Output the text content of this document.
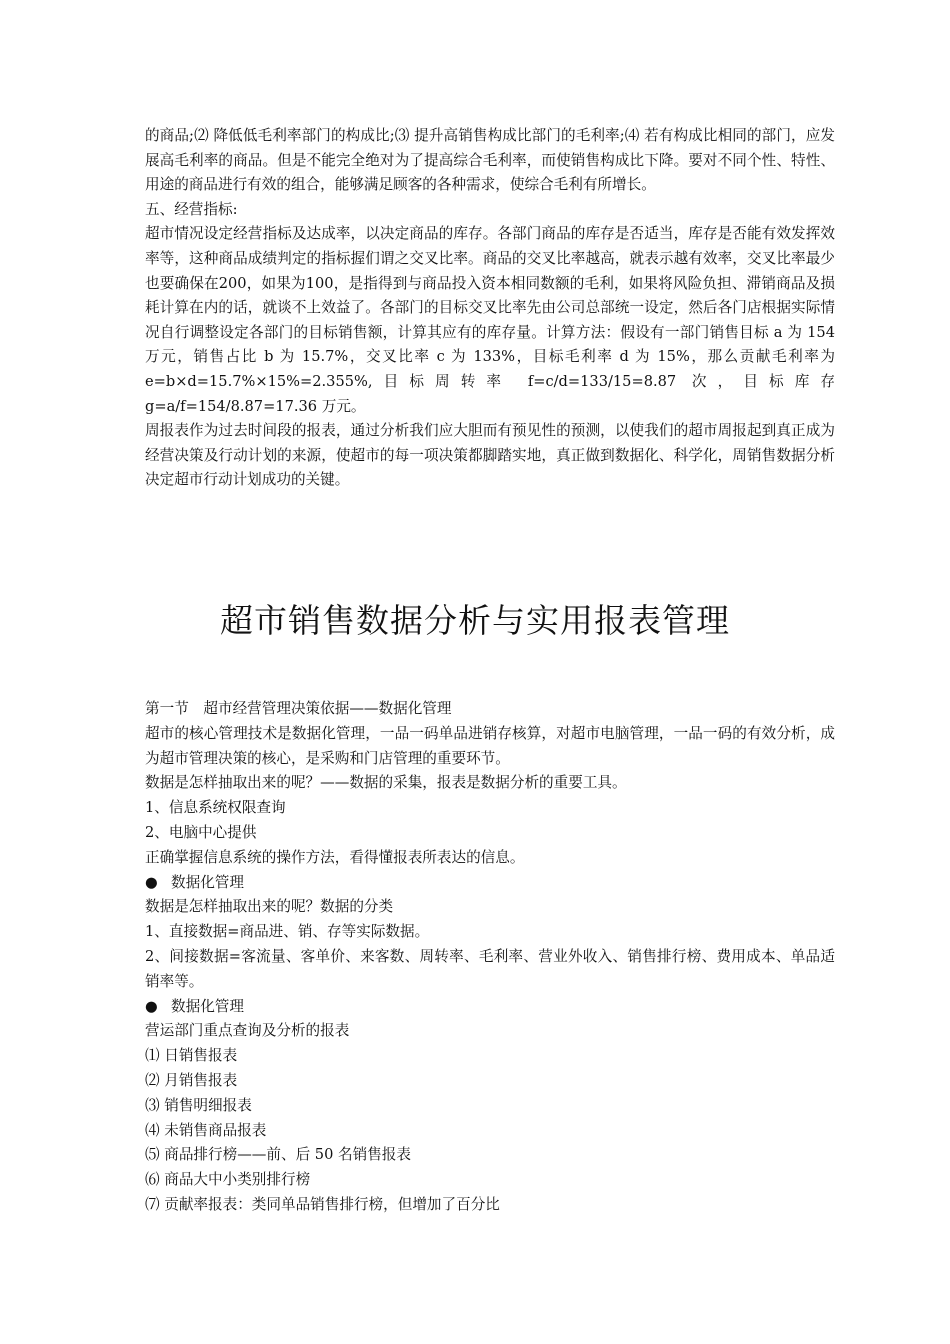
的商品;⑵ 降低低毛利率部门的构成比;⑶ 提升高销售构成比部门的毛利率;⑷ 若有构成比相同的部门，应发展高毛利率的商品。但是不能完全绝对为了提高综合毛利率，而使销售构成比下降。要对不同个性、特性、用途的商品进行有效的组合，能够满足顾客的各种需求，使综合毛利有所增长。

五、经营指标:

超市情况设定经营指标及达成率，以决定商品的库存。各部门商品的库存是否适当，库存是否能有效发挥效率等，这种商品成绩判定的指标握们谓之交叉比率。商品的交叉比率越高，就表示越有效率，交叉比率最少也要确保在200，如果为100，是指得到与商品投入资本相同数额的毛利，如果将风险负担、滞销商品及损耗计算在内的话，就谈不上效益了。各部门的目标交叉比率先由公司总部统一设定，然后各门店根据实际情况自行调整设定各部门的目标销售额，计算其应有的库存量。计算方法：假设有一部门销售目标 a 为 154 万元，销售占比 b 为 15.7%，交叉比率 c 为 133%，目标毛利率 d 为 15%，那么贡献毛利率为 e=b×d=15.7%×15%=2.355%,目标周转率 f=c/d=133/15=8.87 次，目标库存 g=a/f=154/8.87=17.36 万元。

周报表作为过去时间段的报表，通过分析我们应大胆而有预见性的预测，以使我们的超市周报起到真正成为经营决策及行动计划的来源，使超市的每一项决策都脚踏实地，真正做到数据化、科学化，周销售数据分析决定超市行动计划成功的关键。

超市销售数据分析与实用报表管理

第一节　超市经营管理决策依据——数据化管理

超市的核心管理技术是数据化管理，一品一码单品进销存核算，对超市电脑管理，一品一码的有效分析，成为超市管理决策的核心，是采购和门店管理的重要环节。

数据是怎样抽取出来的呢？——数据的采集，报表是数据分析的重要工具。

1、信息系统权限查询

2、电脑中心提供

正确掌握信息系统的操作方法，看得懂报表所表达的信息。

● 数据化管理

数据是怎样抽取出来的呢？数据的分类

1、直接数据=商品进、销、存等实际数据。

2、间接数据=客流量、客单价、来客数、周转率、毛利率、营业外收入、销售排行榜、费用成本、单品适销率等。

● 数据化管理

营运部门重点查询及分析的报表

⑴ 日销售报表

⑵ 月销售报表

⑶ 销售明细报表

⑷ 未销售商品报表

⑸ 商品排行榜——前、后 50 名销售报表

⑹ 商品大中小类别排行榜

⑺ 贡献率报表：类同单品销售排行榜，但增加了百分比
